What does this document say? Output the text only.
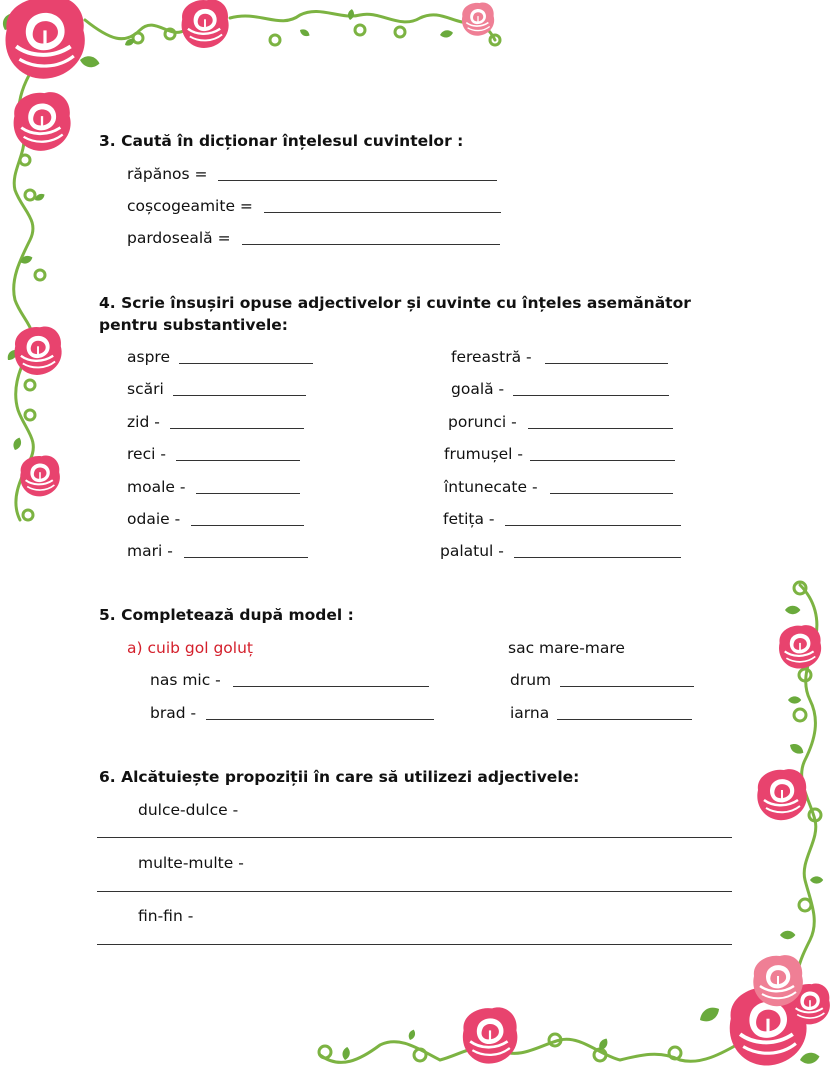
3. Caută în dicționar înțelesul cuvintelor :
răpănos =
coșcogeamite =
pardoseală =
4. Scrie însușiri opuse adjectivelor și cuvinte cu înțeles asemănător
pentru substantivele:
aspre
scări
zid -
reci -
moale -
odaie -
mari -
fereastră -
goală -
porunci -
frumușel -
întunecate -
fetița -
palatul -
5. Completează după model :
a) cuib gol goluț	sac mare-mare
nas mic -
brad -
drum
iarna
6. Alcătuiește propoziții în care să utilizezi adjectivele:
dulce-dulce -
multe-multe -
fin-fin -
